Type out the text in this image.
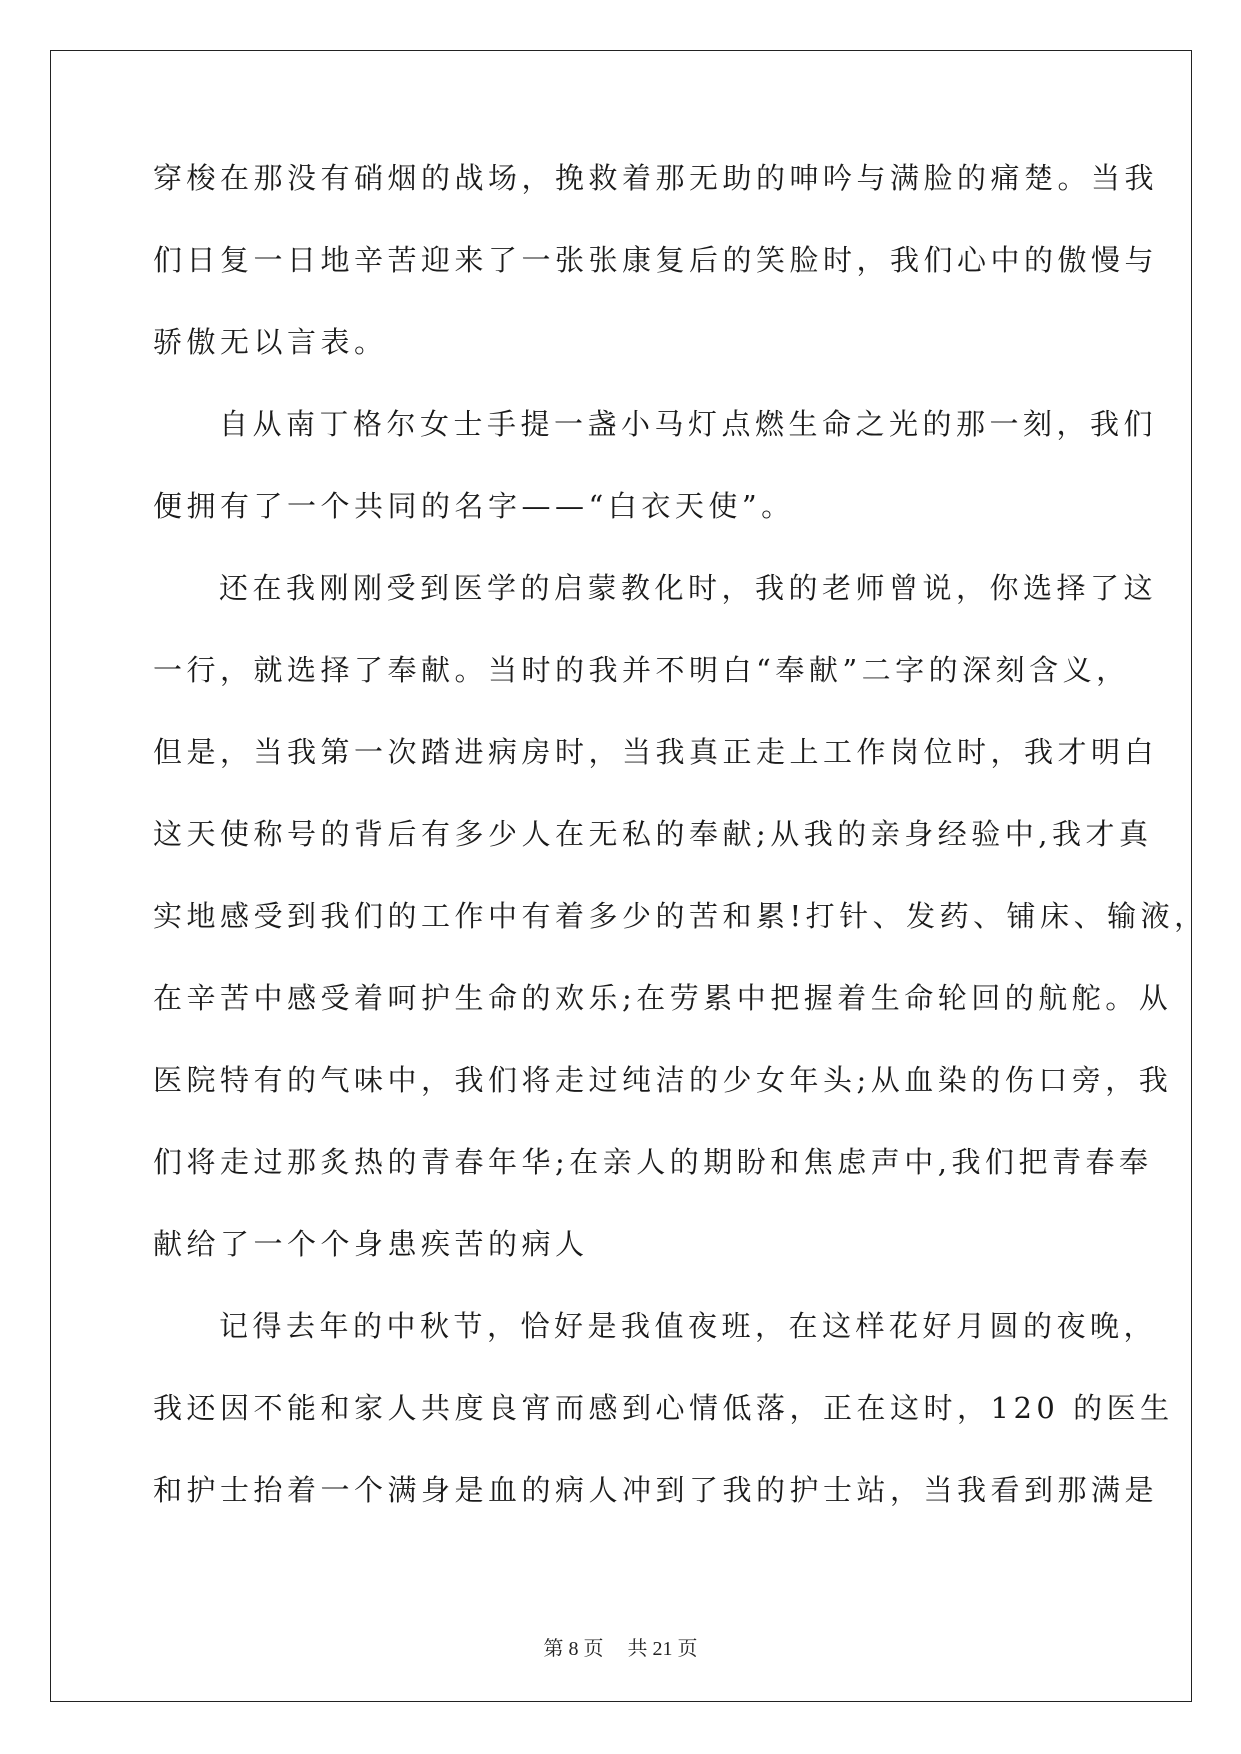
穿梭在那没有硝烟的战场，挽救着那无助的呻吟与满脸的痛楚。当我
们日复一日地辛苦迎来了一张张康复后的笑脸时，我们心中的傲慢与
骄傲无以言表。
自从南丁格尔女士手提一盏小马灯点燃生命之光的那一刻，我们
便拥有了一个共同的名字——“白衣天使”。
还在我刚刚受到医学的启蒙教化时，我的老师曾说，你选择了这
一行，就选择了奉献。当时的我并不明白“奉献”二字的深刻含义，
但是，当我第一次踏进病房时，当我真正走上工作岗位时，我才明白
这天使称号的背后有多少人在无私的奉献;从我的亲身经验中,我才真
实地感受到我们的工作中有着多少的苦和累!打针、发药、铺床、输液，
在辛苦中感受着呵护生命的欢乐;在劳累中把握着生命轮回的航舵。从
医院特有的气味中，我们将走过纯洁的少女年头;从血染的伤口旁，我
们将走过那炙热的青春年华;在亲人的期盼和焦虑声中,我们把青春奉
献给了一个个身患疾苦的病人
记得去年的中秋节，恰好是我值夜班，在这样花好月圆的夜晚，
我还因不能和家人共度良宵而感到心情低落，正在这时，120 的医生
和护士抬着一个满身是血的病人冲到了我的护士站，当我看到那满是
第 8 页 共 21 页
